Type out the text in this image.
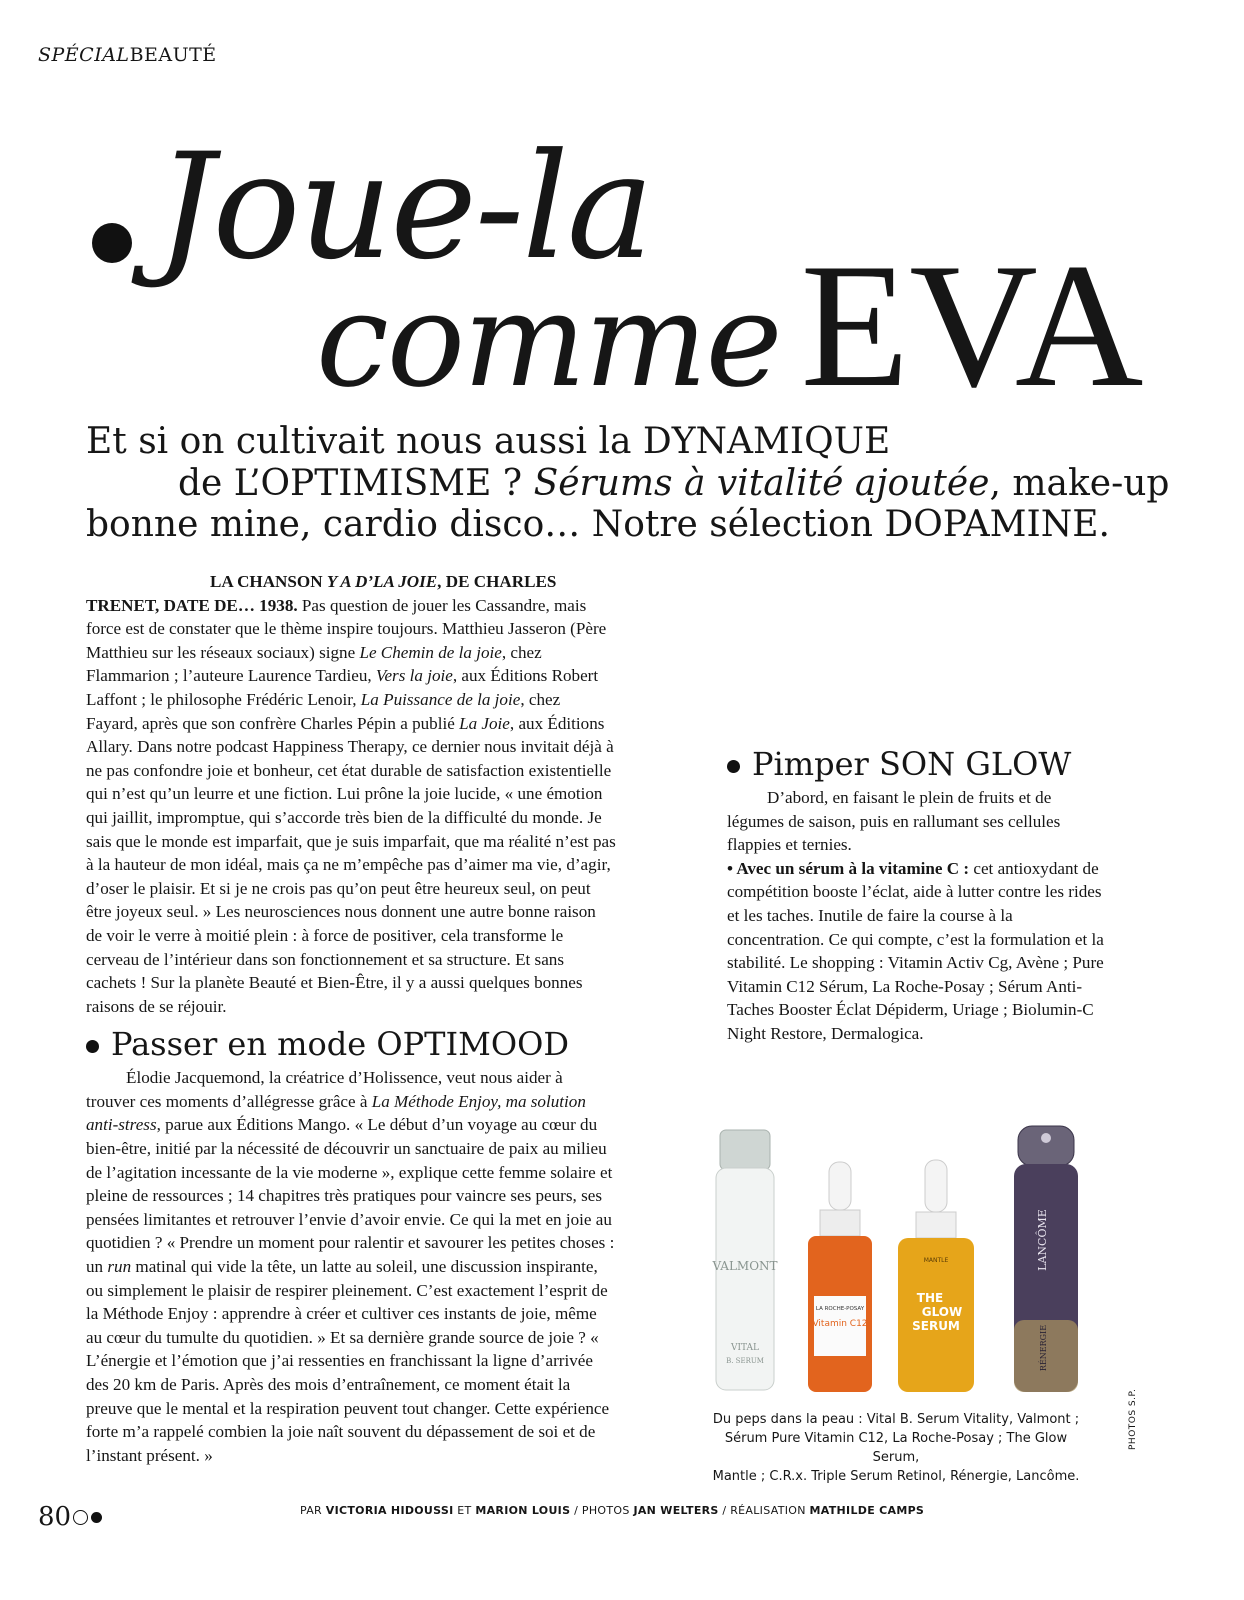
SPÉCIALBEAUTÉ
Joue-la
comme EVA
Et si on cultivait nous aussi la DYNAMIQUE
de L’OPTIMISME ? Sérums à vitalité ajoutée, make-up
bonne mine, cardio disco… Notre sélection DOPAMINE.

LA CHANSON Y A D’LA JOIE, DE CHARLES TRENET, DATE DE… 1938. Pas question de jouer les Cassandre, mais force est de constater que le thème inspire toujours. Matthieu Jasseron (Père Matthieu sur les réseaux sociaux) signe Le Chemin de la joie, chez Flammarion ; l’auteure Laurence Tardieu, Vers la joie, aux Éditions Robert Laffont ; le philosophe Frédéric Lenoir, La Puissance de la joie, chez Fayard, après que son confrère Charles Pépin a publié La Joie, aux Éditions Allary. Dans notre podcast Happiness Therapy, ce dernier nous invitait déjà à ne pas confondre joie et bonheur, cet état durable de satisfaction existentielle qui n’est qu’un leurre et une fiction. Lui prône la joie lucide, « une émotion qui jaillit, impromptue, qui s’accorde très bien de la difficulté du monde. Je sais que le monde est imparfait, que je suis imparfait, que ma réalité n’est pas à la hauteur de mon idéal, mais ça ne m’empêche pas d’aimer ma vie, d’agir, d’oser le plaisir. Et si je ne crois pas qu’on peut être heureux seul, on peut être joyeux seul. » Les neurosciences nous donnent une autre bonne raison de voir le verre à moitié plein : à force de positiver, cela transforme le cerveau de l’intérieur dans son fonctionnement et sa structure. Et sans cachets ! Sur la planète Beauté et Bien-Être, il y a aussi quelques bonnes raisons de se réjouir.

Passer en mode OPTIMOOD

Élodie Jacquemond, la créatrice d’Holissence, veut nous aider à trouver ces moments d’allégresse grâce à La Méthode Enjoy, ma solution anti-stress, parue aux Éditions Mango. « Le début d’un voyage au cœur du bien-être, initié par la nécessité de découvrir un sanctuaire de paix au milieu de l’agitation incessante de la vie moderne », explique cette femme solaire et pleine de ressources ; 14 chapitres très pratiques pour vaincre ses peurs, ses pensées limitantes et retrouver l’envie d’avoir envie. Ce qui la met en joie au quotidien ? « Prendre un moment pour ralentir et savourer les petites choses : un run matinal qui vide la tête, un latte au soleil, une discussion inspirante, ou simplement le plaisir de respirer pleinement. C’est exactement l’esprit de la Méthode Enjoy : apprendre à créer et cultiver ces instants de joie, même au cœur du tumulte du quotidien. » Et sa dernière grande source de joie ? « L’énergie et l’émotion que j’ai ressenties en franchissant la ligne d’arrivée des 20 km de Paris. Après des mois d’entraînement, ce moment était la preuve que le mental et la respiration peuvent tout changer. Cette expérience forte m’a rappelé combien la joie naît souvent du dépassement de soi et de l’instant présent. »

Pimper SON GLOW

D’abord, en faisant le plein de fruits et de légumes de saison, puis en rallumant ses cellules flappies et ternies.

• Avec un sérum à la vitamine C : cet antioxydant de compétition booste l’éclat, aide à lutter contre les rides et les taches. Inutile de faire la course à la concentration. Ce qui compte, c’est la formulation et la stabilité. Le shopping : Vitamin Activ Cg, Avène ; Pure Vitamin C12 Sérum, La Roche-Posay ; Sérum Anti-Taches Booster Éclat Dépiderm, Uriage ; Biolumin-C Night Restore, Dermalogica.

VALMONT
VITAL
B. SERUM
LA ROCHE-POSAY
Vitamin C12
MANTLE
THE
GLOW
SERUM
LANCÔME
RÉNERGIE
Du peps dans la peau : Vital B. Serum Vitality, Valmont ;
Sérum Pure Vitamin C12, La Roche-Posay ; The Glow Serum,
Mantle ; C.R.x. Triple Serum Retinol, Rénergie, Lancôme.
PHOTOS S.P.
80	PAR VICTORIA HIDOUSSI ET MARION LOUIS / PHOTOS JAN WELTERS / RÉALISATION MATHILDE CAMPS
